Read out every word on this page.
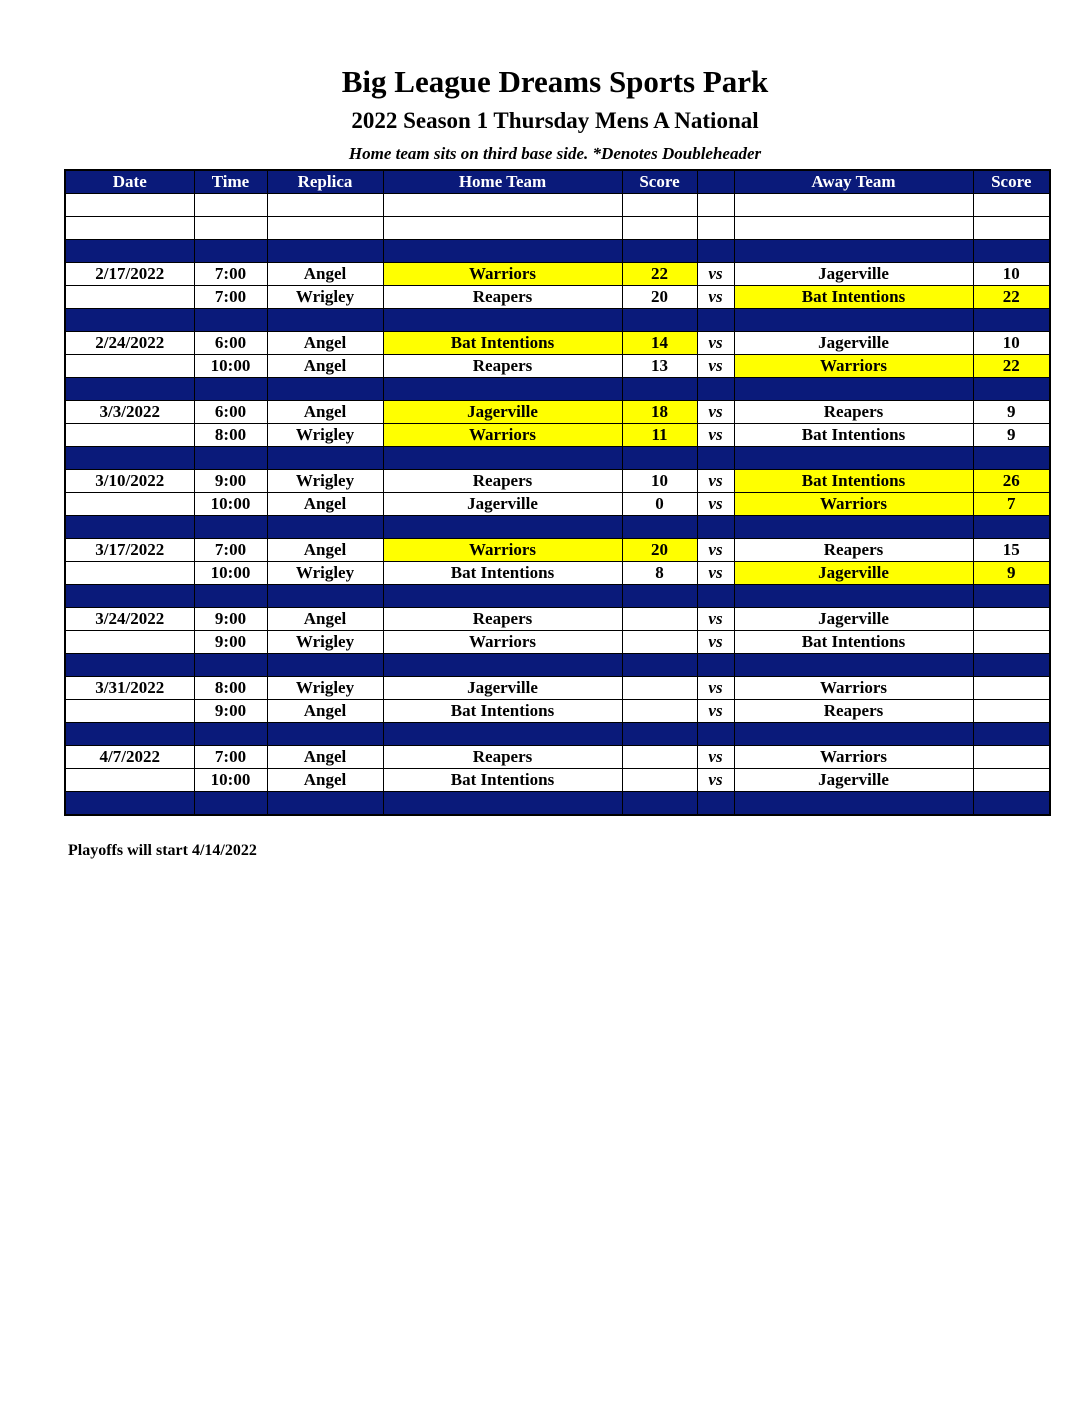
Big League Dreams Sports Park
2022 Season 1 Thursday Mens A National
Home team sits on third base side. *Denotes Doubleheader
Date	Time	Replica	Home Team	Score		Away Team	Score

2/17/2022	7:00	Angel	Warriors	22	vs	Jagerville	10
	7:00	Wrigley	Reapers	20	vs	Bat Intentions	22

2/24/2022	6:00	Angel	Bat Intentions	14	vs	Jagerville	10
	10:00	Angel	Reapers	13	vs	Warriors	22

3/3/2022	6:00	Angel	Jagerville	18	vs	Reapers	9
	8:00	Wrigley	Warriors	11	vs	Bat Intentions	9

3/10/2022	9:00	Wrigley	Reapers	10	vs	Bat Intentions	26
	10:00	Angel	Jagerville	0	vs	Warriors	7

3/17/2022	7:00	Angel	Warriors	20	vs	Reapers	15
	10:00	Wrigley	Bat Intentions	8	vs	Jagerville	9

3/24/2022	9:00	Angel	Reapers		vs	Jagerville	
	9:00	Wrigley	Warriors		vs	Bat Intentions	

3/31/2022	8:00	Wrigley	Jagerville		vs	Warriors	
	9:00	Angel	Bat Intentions		vs	Reapers	

4/7/2022	7:00	Angel	Reapers		vs	Warriors	
	10:00	Angel	Bat Intentions		vs	Jagerville	

Playoffs will start 4/14/2022
